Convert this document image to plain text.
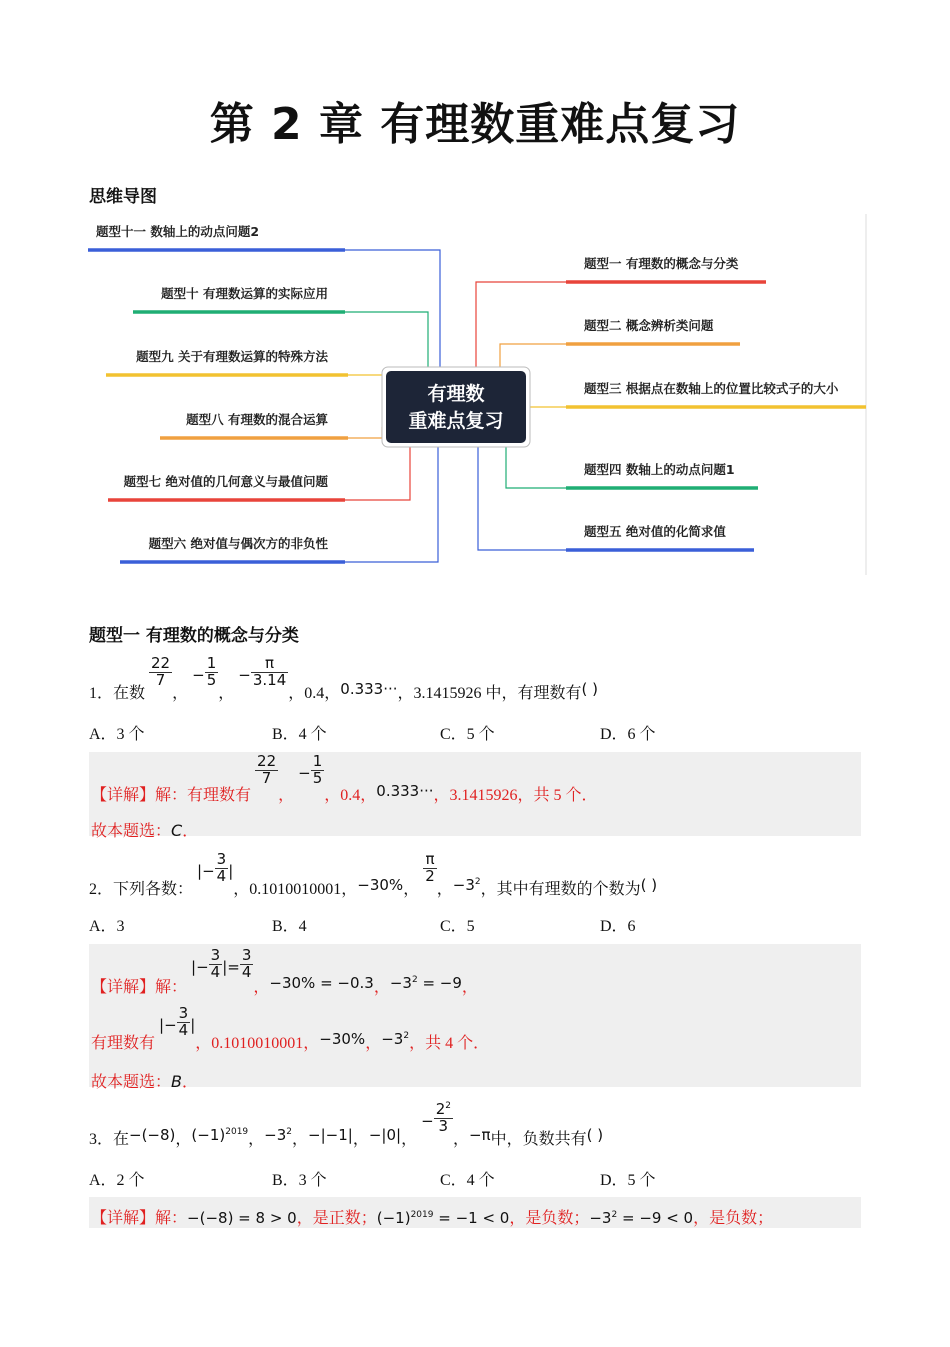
第 2 章 有理数重难点复习
思维导图
有理数
重难点复习
题型一 有理数的概念与分类
题型二 概念辨析类问题
题型三 根据点在数轴上的位置比较式子的大小
题型四 数轴上的动点问题1
题型五 绝对值的化简求值
题型十一 数轴上的动点问题2
题型十 有理数运算的实际应用
题型九 关于有理数运算的特殊方法
题型八 有理数的混合运算
题型七 绝对值的几何意义与最值问题
题型六 绝对值与偶次方的非负性
题型一 有理数的概念与分类
1．在数
$\frac{22}{7}$
， − $\frac{1}{5}$
， − $\frac{\pi}{3.14}$
，0.4，0.333···，3.1415926 中，有理数有( )
A．3 个	B．4 个	C．5 个	D．6 个
【详解】解：有理数有
$\frac{22}{7}$
， − $\frac{1}{5}$
，0.4，0.333···，3.1415926，共 5 个．
故本题选：C．
2．下列各数： |− $\frac{3}{4}$ |，0.1010010001，−30%，
$\frac{\pi}{2}$
，$-3^2$，其中有理数的个数为( )
A．3	B．4	C．5	D．6
【详解】解： |− $\frac{3}{4}$ |= $\frac{3}{4}$
，−30% = −0.3，$-3^2 = -9$，
有理数有 |− $\frac{3}{4}$ |，0.1010010001，−30%，$-3^2$，共 4 个．
故本题选：B．
3．在−(−8)，$(-1)^{2019}$，$-3^2$，−|−1|，−|0|， − $\frac{2^2}{3}$
，−π中，负数共有( )
A．2 个	B．3 个	C．4 个	D．5 个
【详解】解：−(−8) = 8 > 0，是正数；$(-1)^{2019} = -1 < 0$，是负数；$-3^2 = -9 < 0$，是负数；
